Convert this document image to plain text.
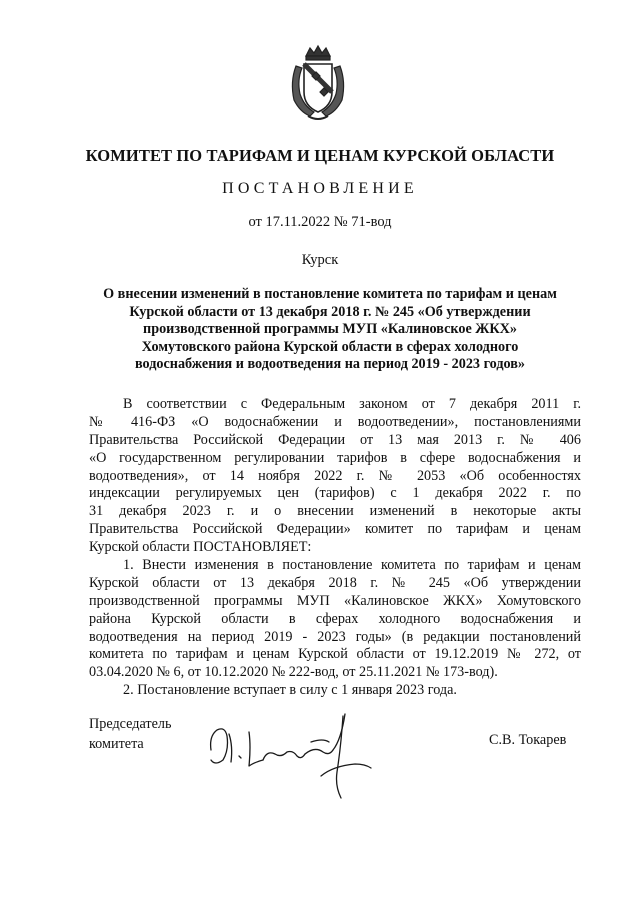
КОМИТЕТ ПО ТАРИФАМ И ЦЕНАМ КУРСКОЙ ОБЛАСТИ
ПОСТАНОВЛЕНИЕ
от 17.11.2022 № 71-вод
Курск
О внесении изменений в постановление комитета по тарифам и ценам
Курской области от 13 декабря 2018 г. № 245 «Об утверждении
производственной программы МУП «Калиновское ЖКХ»
Хомутовского района Курской области в сферах холодного
водоснабжения и водоотведения на период 2019 - 2023 годов»
В соответствии с Федеральным законом от 7 декабря 2011 г.
№ 416-ФЗ «О водоснабжении и водоотведении», постановлениями
Правительства Российской Федерации от 13 мая 2013 г. № 406
«О государственном регулировании тарифов в сфере водоснабжения и
водоотведения», от 14 ноября 2022 г. № 2053 «Об особенностях
индексации регулируемых цен (тарифов) с 1 декабря 2022 г. по
31 декабря 2023 г. и о внесении изменений в некоторые акты
Правительства Российской Федерации» комитет по тарифам и ценам
Курской области ПОСТАНОВЛЯЕТ:
1. Внести изменения в постановление комитета по тарифам и ценам
Курской области от 13 декабря 2018 г. № 245 «Об утверждении
производственной программы МУП «Калиновское ЖКХ» Хомутовского
района Курской области в сферах холодного водоснабжения и
водоотведения на период 2019 - 2023 годы» (в редакции постановлений
комитета по тарифам и ценам Курской области от 19.12.2019 № 272, от
03.04.2020 № 6, от 10.12.2020 № 222-вод, от 25.11.2021 № 173-вод).
2. Постановление вступает в силу с 1 января 2023 года.
Председатель
комитета	С.В. Токарев
